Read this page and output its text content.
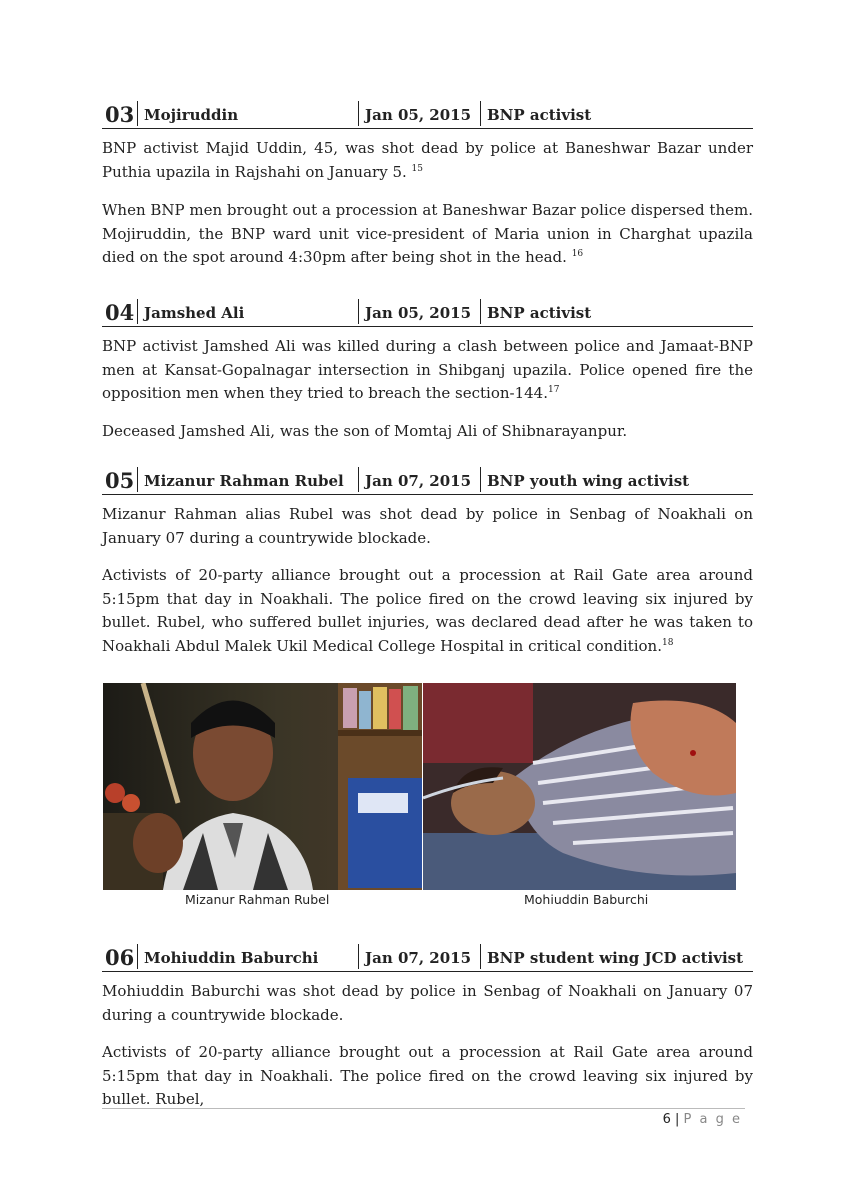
03 Mojiruddin	Jan 05, 2015	BNP activist

BNP activist Majid Uddin, 45, was shot dead by police at Baneshwar Bazar under Puthia upazila in Rajshahi on January 5. $^{15}$

When BNP men brought out a procession at Baneshwar Bazar police dispersed them. Mojiruddin, the BNP ward unit vice-president of Maria union in Charghat upazila died on the spot around 4:30pm after being shot in the head. $^{16}$

04 Jamshed Ali	Jan 05, 2015	BNP activist

BNP activist Jamshed Ali was killed during a clash between police and Jamaat-BNP men at Kansat-Gopalnagar intersection in Shibganj upazila. Police opened fire the opposition men when they tried to breach the section-144.17

Deceased Jamshed Ali, was the son of Momtaj Ali of Shibnarayanpur.

05 Mizanur Rahman Rubel	Jan 07, 2015	BNP youth wing activist

Mizanur Rahman alias Rubel was shot dead by police in Senbag of Noakhali on January 07 during a countrywide blockade.

Activists of 20-party alliance brought out a procession at Rail Gate area around 5:15pm that day in Noakhali. The police fired on the crowd leaving six injured by bullet. Rubel, who suffered bullet injuries, was declared dead after he was taken to Noakhali Abdul Malek Ukil Medical College Hospital in critical condition.$^{18}$

Mizanur Rahman Rubel	Mohiuddin Baburchi
06 Mohiuddin Baburchi	Jan 07, 2015	BNP student wing JCD activist

Mohiuddin Baburchi was shot dead by police in Senbag of Noakhali on January 07 during a countrywide blockade.

Activists of 20-party alliance brought out a procession at Rail Gate area around 5:15pm that day in Noakhali. The police fired on the crowd leaving six injured by bullet. Rubel,

6 | P a g e
